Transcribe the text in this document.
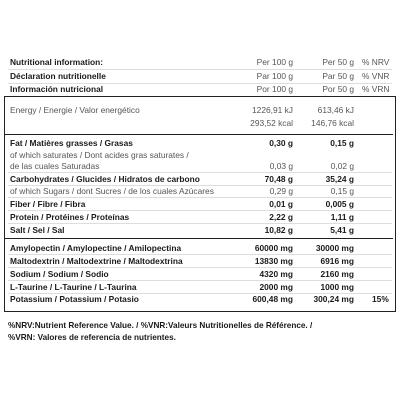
Nutritional information:	Per 100 g	Per 50 g % NRV
Déclaration nutritionelle	Par 100 g	Par 50 g % VNR
Información nutricional	Por 100 g	Por 50 g % VRN
Energy / Energie / Valor energético	1226,91 kJ	613,46 kJ
293,52 kcal 146,76 kcal
Fat / Matières grasses / Grasas	0,30 g	0,15 g
of which saturates / Dont acides gras saturates /
de las cuales Saturadas	0,03 g	0,02 g
Carbohydrates / Glucides / Hidratos de carbono	70,48 g	35,24 g
of which Sugars / dont Sucres / de los cuales Azúcares	0,29 g	0,15 g
Fiber / Fibre / Fibra	0,01 g	0,005 g
Protein / Protéines / Proteínas	2,22 g	1,11 g
Salt / Sel / Sal	10,82 g	5,41 g
Amylopectin / Amylopectine / Amilopectina	60000 mg	30000 mg
Maltodextrin / Maltodextrine / Maltodextrina	13830 mg	6916 mg
Sodium / Sodium / Sodio	4320 mg	2160 mg
L-Taurine / L-Taurine / L-Taurina	2000 mg	1000 mg
Potassium / Potassium / Potasio	600,48 mg 300,24 mg 15%
%NRV:Nutrient Reference Value. / %VNR:Valeurs Nutritionelles de Référence. /
%VRN: Valores de referencia de nutrientes.
